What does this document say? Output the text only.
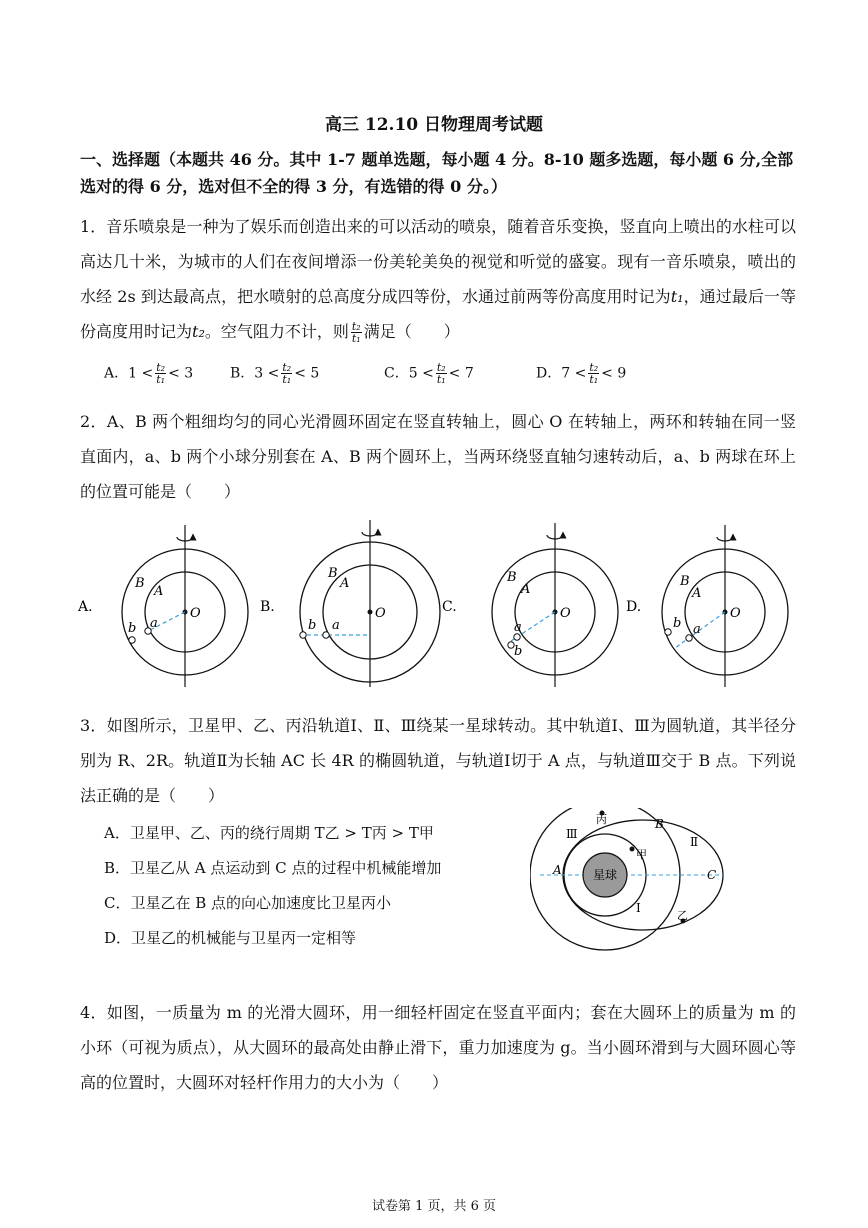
高三 12.10 日物理周考试题
一、选择题（本题共 46 分。其中 1-7 题单选题，每小题 4 分。8-10 题多选题，每小题 6 分,全部选对的得 6 分，选对但不全的得 3 分，有选错的得 0 分。）
1．音乐喷泉是一种为了娱乐而创造出来的可以活动的喷泉，随着音乐变换，竖直向上喷出的水柱可以高达几十米，为城市的人们在夜间增添一份美轮美奂的视觉和听觉的盛宴。现有一音乐喷泉，喷出的水经 2s 到达最高点，把水喷射的总高度分成四等份，水通过前两等份高度用时记为t₁，通过最后一等份高度用时记为t₂。空气阻力不计，则 $\frac{\text{t₂}}{\text{t₁}}$ 满足（　　）
A．$1 < \frac{\text{t₂}}{\text{t₁}} < 3$	B．$3 < \frac{\text{t₂}}{\text{t₁}} < 5$	C．$5 < \frac{\text{t₂}}{\text{t₁}} < 7$	D．$7 < \frac{\text{t₂}}{\text{t₁}} < 9$
2．A、B 两个粗细均匀的同心光滑圆环固定在竖直转轴上，圆心 O 在转轴上，两环和转轴在同一竖直面内，a、b 两个小球分别套在 A、B 两个圆环上，当两环绕竖直轴匀速转动后，a、b 两球在环上的位置可能是（　　）
A.
B
A
O
a
b
B.
B
A
O
a
b
C.
B
A
O
a
b
D.
B
A
O
a
b
3．如图所示，卫星甲、乙、丙沿轨道Ⅰ、Ⅱ、Ⅲ绕某一星球转动。其中轨道Ⅰ、Ⅲ为圆轨道，其半径分别为 R、2R。轨道Ⅱ为长轴 AC 长 4R 的椭圆轨道，与轨道Ⅰ切于 A 点，与轨道Ⅲ交于 B 点。下列说法正确的是（　　）
A．卫星甲、乙、丙的绕行周期 T乙 > T丙 > T甲
B．卫星乙从 A 点运动到 C 点的过程中机械能增加
C．卫星乙在 B 点的向心加速度比卫星丙小
D．卫星乙的机械能与卫星丙一定相等
星球
丙
甲
乙
Ⅲ
Ⅱ
Ⅰ
A
B
C
4．如图，一质量为 m 的光滑大圆环，用一细轻杆固定在竖直平面内；套在大圆环上的质量为 m 的小环（可视为质点），从大圆环的最高处由静止滑下，重力加速度为 g。当小圆环滑到与大圆环圆心等高的位置时，大圆环对轻杆作用力的大小为（　　）
试卷第 1 页，共 6 页
